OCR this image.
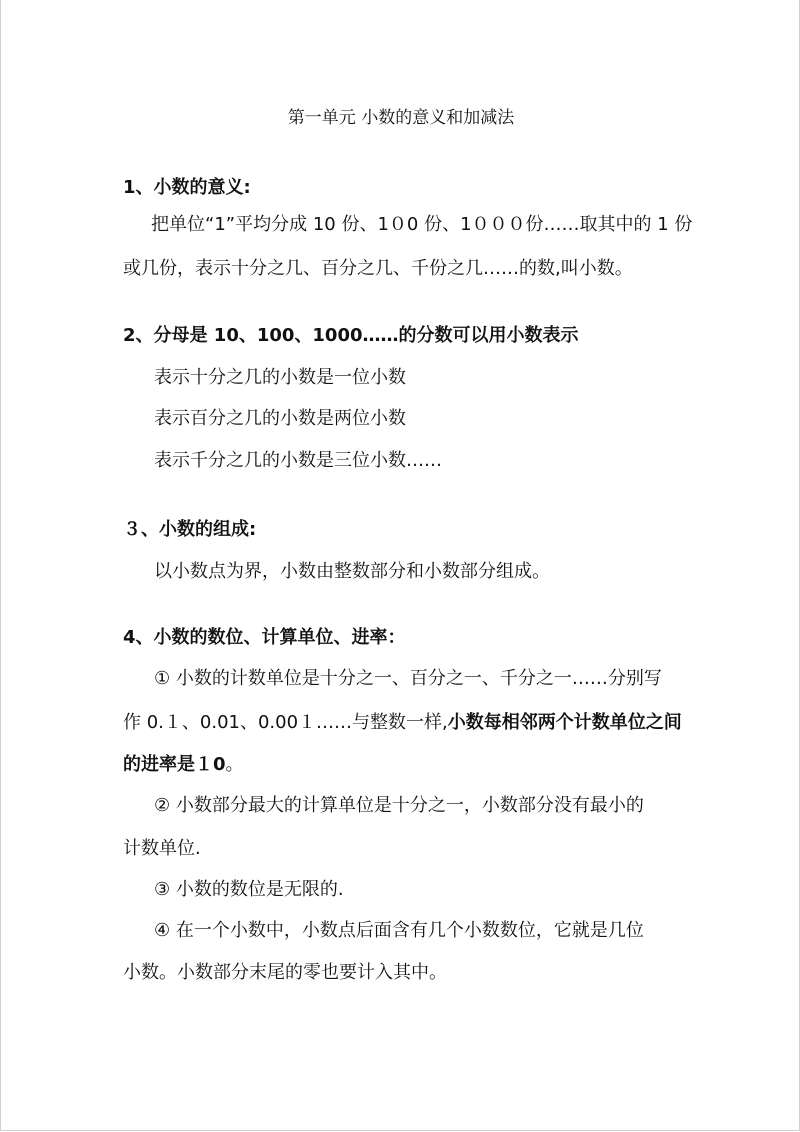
第一单元 小数的意义和加减法
1、小数的意义:
把单位“1”平均分成 10 份、1０0 份、1０００份……取其中的 1 份
或几份，表示十分之几、百分之几、千份之几……的数,叫小数。
2、分母是 10、100、1000……的分数可以用小数表示
表示十分之几的小数是一位小数
表示百分之几的小数是两位小数
表示千分之几的小数是三位小数……
３、小数的组成:
以小数点为界，小数由整数部分和小数部分组成。
4、小数的数位、计算单位、进率：
① 小数的计数单位是十分之一、百分之一、千分之一……分别写
作 0.１、0.01、0.00１……与整数一样,小数每相邻两个计数单位之间
的进率是１0。
② 小数部分最大的计算单位是十分之一，小数部分没有最小的
计数单位.
③ 小数的数位是无限的.
④ 在一个小数中，小数点后面含有几个小数数位，它就是几位
小数。小数部分末尾的零也要计入其中。
